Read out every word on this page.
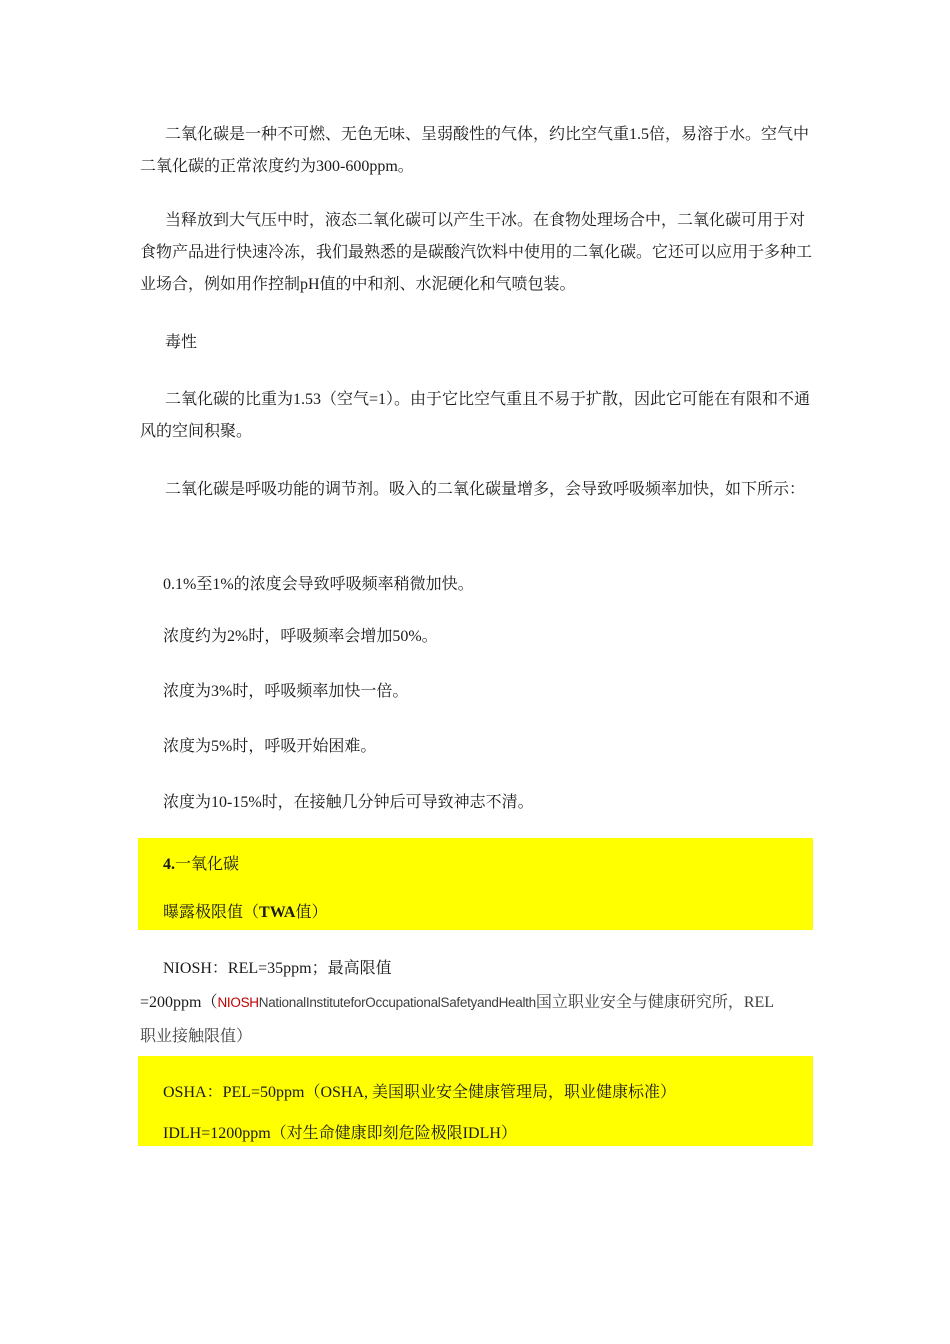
二氧化碳是一种不可燃、无色无味、呈弱酸性的气体，约比空气重1.5倍，易溶于水。空气中二氧化碳的正常浓度约为300-600ppm。
当释放到大气压中时，液态二氧化碳可以产生干冰。在食物处理场合中，二氧化碳可用于对食物产品进行快速冷冻，我们最熟悉的是碳酸汽饮料中使用的二氧化碳。它还可以应用于多种工业场合，例如用作控制pH值的中和剂、水泥硬化和气喷包装。
毒性
二氧化碳的比重为1.53（空气=1）。由于它比空气重且不易于扩散，因此它可能在有限和不通风的空间积聚。
二氧化碳是呼吸功能的调节剂。吸入的二氧化碳量增多，会导致呼吸频率加快，如下所示：
0.1%至1%的浓度会导致呼吸频率稍微加快。
浓度约为2%时，呼吸频率会增加50%。
浓度为3%时，呼吸频率加快一倍。
浓度为5%时，呼吸开始困难。
浓度为10-15%时，在接触几分钟后可导致神志不清。
4.一氧化碳
曝露极限值（TWA值）
NIOSH：REL=35ppm；最高限值
=200ppm（NIOSHNationalInstituteforOccupationalSafetyandHealth国立职业安全与健康研究所，REL
职业接触限值）
OSHA：PEL=50ppm（OSHA, 美国职业安全健康管理局，职业健康标准）
IDLH=1200ppm（对生命健康即刻危险极限IDLH）
